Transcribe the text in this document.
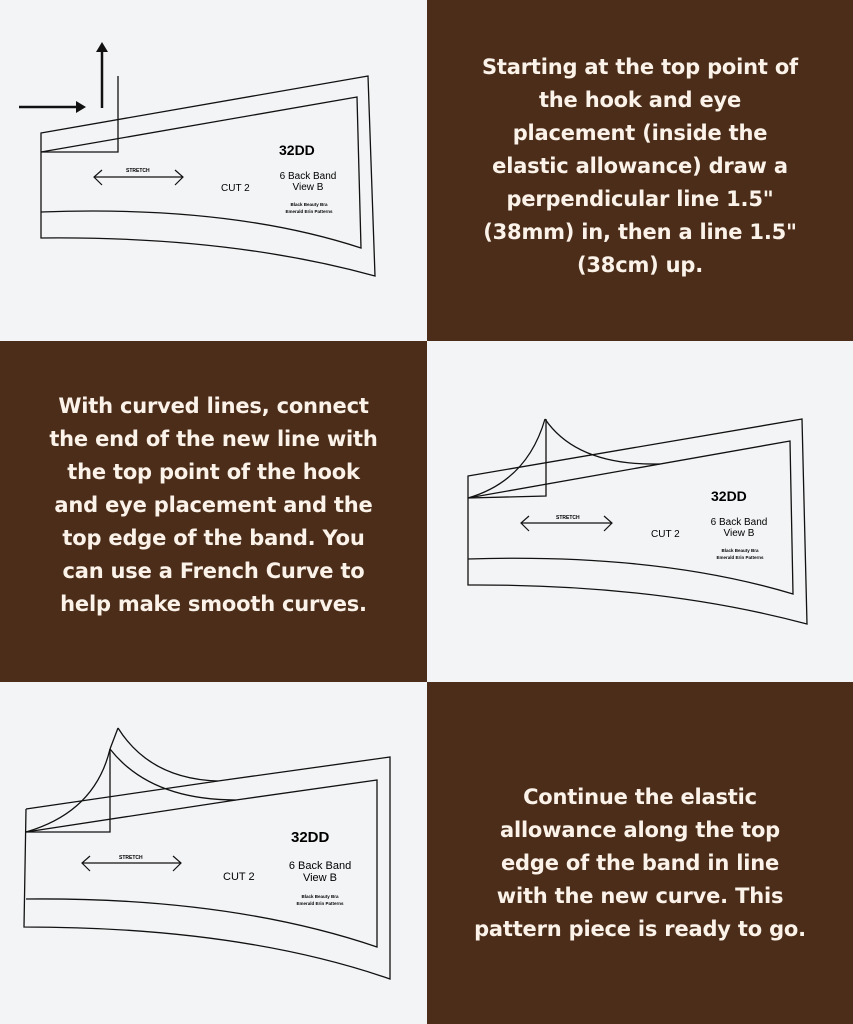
STRETCH
32DD
6 Back Band
View B
CUT 2
Black Beauty Bra
Emerald Erin Patterns
Starting at the top point of
the hook and eye
placement (inside the
elastic allowance) draw a
perpendicular line 1.5"
(38mm) in, then a line 1.5"
(38cm) up.
With curved lines, connect
the end of the new line with
the top point of the hook
and eye placement and the
top edge of the band. You
can use a French Curve to
help make smooth curves.
STRETCH
32DD
6 Back Band
View B
CUT 2
Black Beauty Bra
Emerald Erin Patterns
STRETCH
32DD
6 Back Band
View B
CUT 2
Black Beauty Bra
Emerald Erin Patterns
Continue the elastic
allowance along the top
edge of the band in line
with the new curve. This
pattern piece is ready to go.
